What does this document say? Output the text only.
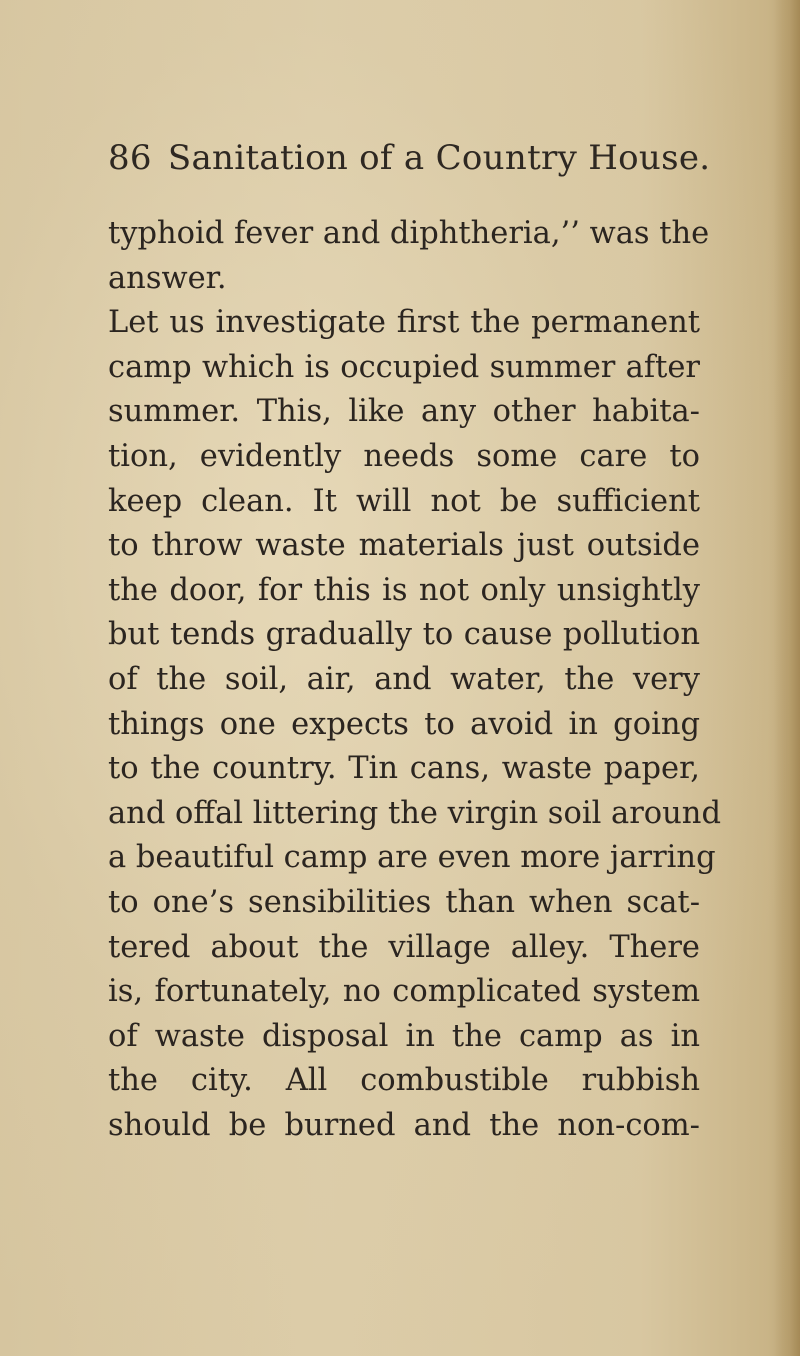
86 Sanitation of a Country House.
typhoid fever and diphtheria,’’ was the
answer.
Let us investigate first the permanent
camp which is occupied summer after
summer. This, like any other habita-
tion, evidently needs some care to
keep clean. It will not be sufficient
to throw waste materials just outside
the door, for this is not only unsightly
but tends gradually to cause pollution
of the soil, air, and water, the very
things one expects to avoid in going
to the country. Tin cans, waste paper,
and offal littering the virgin soil around
a beautiful camp are even more jarring
to one’s sensibilities than when scat-
tered about the village alley. There
is, fortunately, no complicated system
of waste disposal in the camp as in
the city. All combustible rubbish
should be burned and the non-com-
